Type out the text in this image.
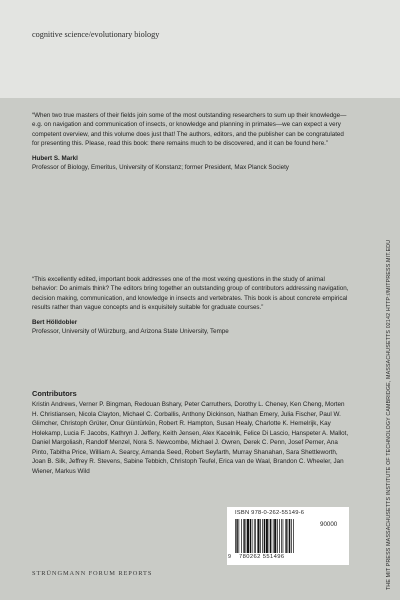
cognitive science/evolutionary biology

“When two true masters of their fields join some of the most outstanding researchers to sum up their knowledge—e.g. on navigation and communication of insects, or knowledge and planning in primates—we can expect a very competent overview, and this volume does just that! The authors, editors, and the publisher can be congratulated for presenting this. Please, read this book: there remains much to be discovered, and it can be found here.”

Hubert S. Markl

Professor of Biology, Emeritus, University of Konstanz; former President, Max Planck Society

“This excellently edited, important book addresses one of the most vexing questions in the study of animal behavior: Do animals think? The editors bring together an outstanding group of contributors addressing navigation, decision making, communication, and knowledge in insects and vertebrates. This book is about concrete empirical results rather than vague concepts and is exquisitely suitable for graduate courses.”

Bert Hölldobler

Professor, University of Würzburg, and Arizona State University, Tempe

Contributors

Kristin Andrews, Verner P. Bingman, Redouan Bshary, Peter Carruthers, Dorothy L. Cheney, Ken Cheng, Morten H. Christiansen, Nicola Clayton, Michael C. Corballis, Anthony Dickinson, Nathan Emery, Julia Fischer, Paul W. Glimcher, Christoph Grüter, Onur Güntürkün, Robert R. Hampton, Susan Healy, Charlotte K. Hemelrijk, Kay Holekamp, Lucia F. Jacobs, Kathryn J. Jeffery, Keith Jensen, Alex Kacelnik, Felice Di Lascio, Hanspeter A. Mallot, Daniel Margoliash, Randolf Menzel, Nora S. Newcombe, Michael J. Owren, Derek C. Penn, Josef Perner, Ana Pinto, Tabitha Price, William A. Searcy, Amanda Seed, Robert Seyfarth, Murray Shanahan, Sara Shettleworth, Joan B. Silk, Jeffrey R. Stevens, Sabine Tebbich, Christoph Teufel, Erica van de Waal, Brandon C. Wheeler, Jan Wiener, Markus Wild

ISBN 978-0-262-55149-6
90000
9 780262 551496
STRÜNGMANN FORUM REPORTS	THE MIT PRESS MASSACHUSETTS INSTITUTE OF TECHNOLOGY CAMBRIDGE, MASSACHUSETTS 02142 HTTP://MITPRESS.MIT.EDU
